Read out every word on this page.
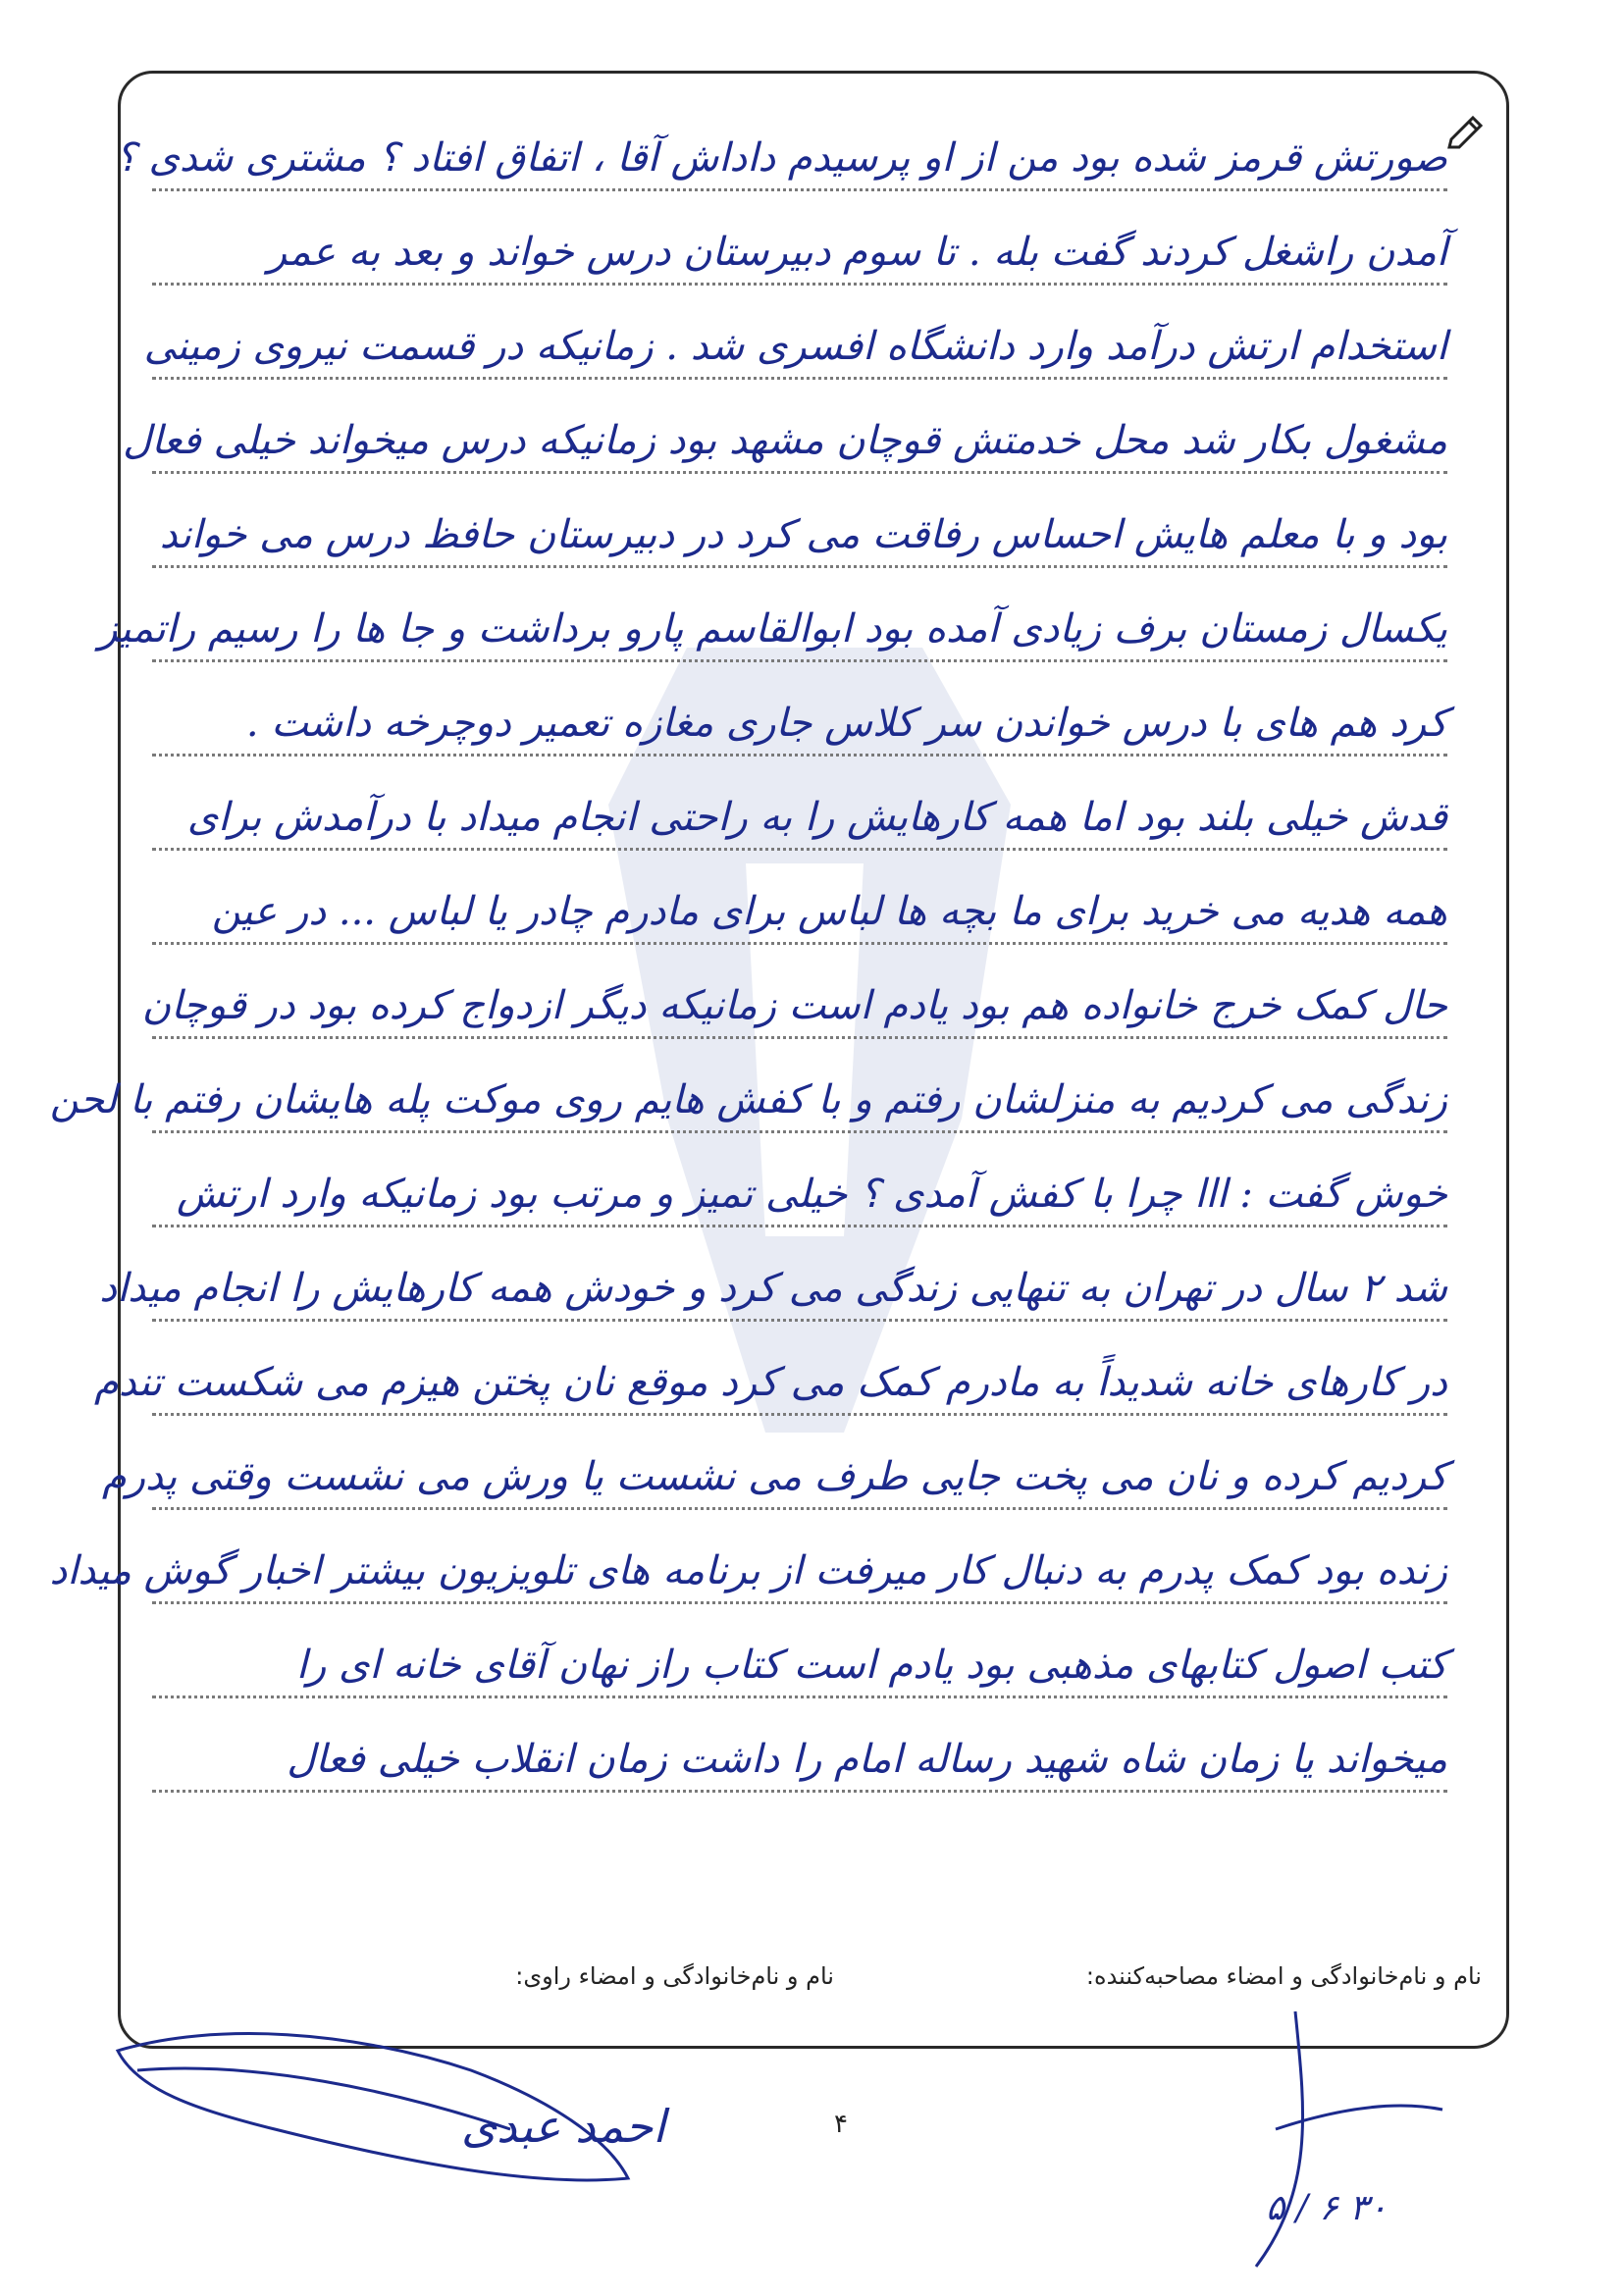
صورتش قرمز شده بود من از او پرسیدم داداش آقا ، اتفاق افتاد ؟ مشتری شدی ؟
آمدن راشغل کردند گفت بله . تا سوم دبیرستان درس خواند و بعد به عمر
استخدام ارتش درآمد وارد دانشگاه افسری شد . زمانیکه در قسمت نیروی زمینی
مشغول بکار شد محل خدمتش قوچان مشهد بود زمانیکه درس میخواند خیلی فعال
بود و با معلم هایش احساس رفاقت می کرد در دبیرستان حافظ درس می خواند
یکسال زمستان برف زیادی آمده بود ابوالقاسم پارو برداشت و جا ها را رسیم راتمیز
کرد هم های با درس خواندن سر کلاس جاری مغازه تعمیر دوچرخه داشت .
قدش خیلی بلند بود اما همه کارهایش را به راحتی انجام میداد با درآمدش برای
همه هدیه می خرید برای ما بچه ها لباس برای مادرم چادر یا لباس ... در عین
حال کمک خرج خانواده هم بود یادم است زمانیکه دیگر ازدواج کرده بود در قوچان
زندگی می کردیم به منزلشان رفتم و با کفش هایم روی موکت پله هایشان رفتم با لحن
خوش گفت : ااا چرا با کفش آمدی ؟ خیلی تمیز و مرتب بود زمانیکه وارد ارتش
شد ۲ سال در تهران به تنهایی زندگی می کرد و خودش همه کارهایش را انجام میداد
در کارهای خانه شدیداً به مادرم کمک می کرد موقع نان پختن هیزم می شکست تندم
کردیم کرده و نان می پخت جایی طرف می نشست یا ورش می نشست وقتی پدرم
زنده بود کمک پدرم به دنبال کار میرفت از برنامه های تلویزیون بیشتر اخبار گوش میداد
کتب اصول کتابهای مذهبی بود یادم است کتاب راز نهان آقای خانه ای را
میخواند یا زمان شاه شهید رساله امام را داشت زمان انقلاب خیلی فعال
نام و نام‌خانوادگی و امضاء مصاحبه‌کننده:
نام و نام‌خانوادگی و امضاء راوی:
احمد عبدی
۵ / ۶ ۳۰
۴
